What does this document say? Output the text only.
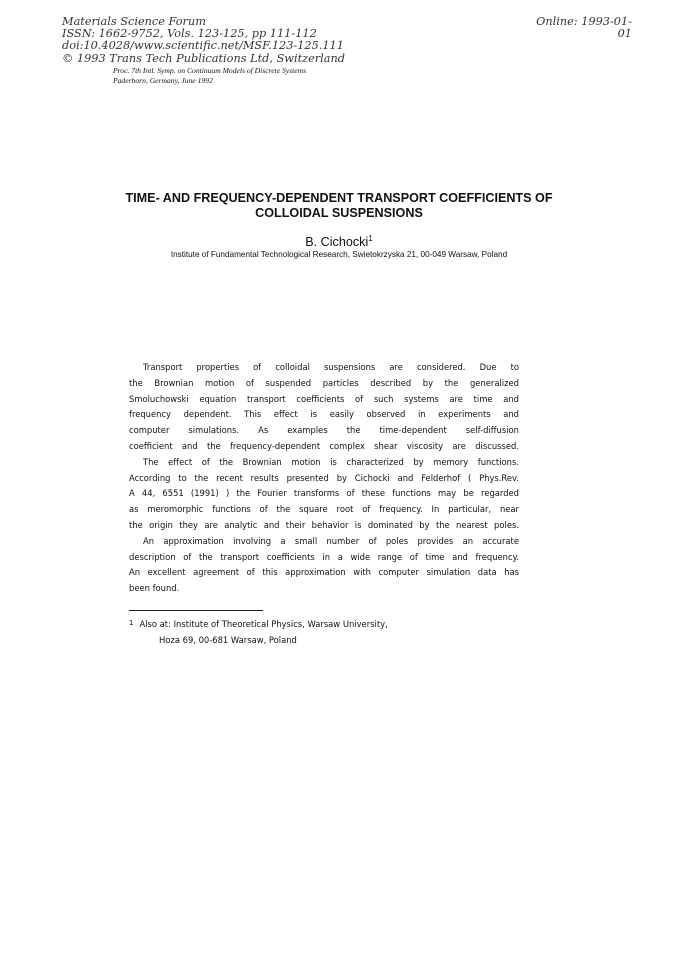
Materials Science Forum
ISSN: 1662-9752, Vols. 123-125, pp 111-112
doi:10.4028/www.scientific.net/MSF.123-125.111
© 1993 Trans Tech Publications Ltd, Switzerland
Online: 1993-01-01
Proc. 7th Intl. Symp. on Continuum Models of Discrete Systems
Paderborn, Germany, June 1992
TIME- AND FREQUENCY-DEPENDENT TRANSPORT COEFFICIENTS OF
COLLOIDAL SUSPENSIONS
B. Cichocki$^1$
Institute of Fundamental Technological Research, Swietokrzyska 21, 00-049 Warsaw, Poland
Transport properties of colloidal suspensions are considered. Due to
the Brownian motion of suspended particles described by the generalized
Smoluchowski equation transport coefficients of such systems are time and
frequency dependent. This effect is easily observed in experiments and
computer simulations. As examples the time-dependent self-diffusion
coefficient and the frequency-dependent complex shear viscosity are discussed.
The effect of the Brownian motion is characterized by memory functions.
According to the recent results presented by Cichocki and Felderhof ( Phys.Rev.
A 44, 6551 (1991) ) the Fourier transforms of these functions may be regarded
as meromorphic functions of the square root of frequency. In particular, near
the origin they are analytic and their behavior is dominated by the nearest poles.
An approximation involving a small number of poles provides an accurate
description of the transport coefficients in a wide range of time and frequency.
An excellent agreement of this approximation with computer simulation data has
been found.
$^1$ Also at: Institute of Theoretical Physics, Warsaw University,
Hoza 69, 00-681 Warsaw, Poland
